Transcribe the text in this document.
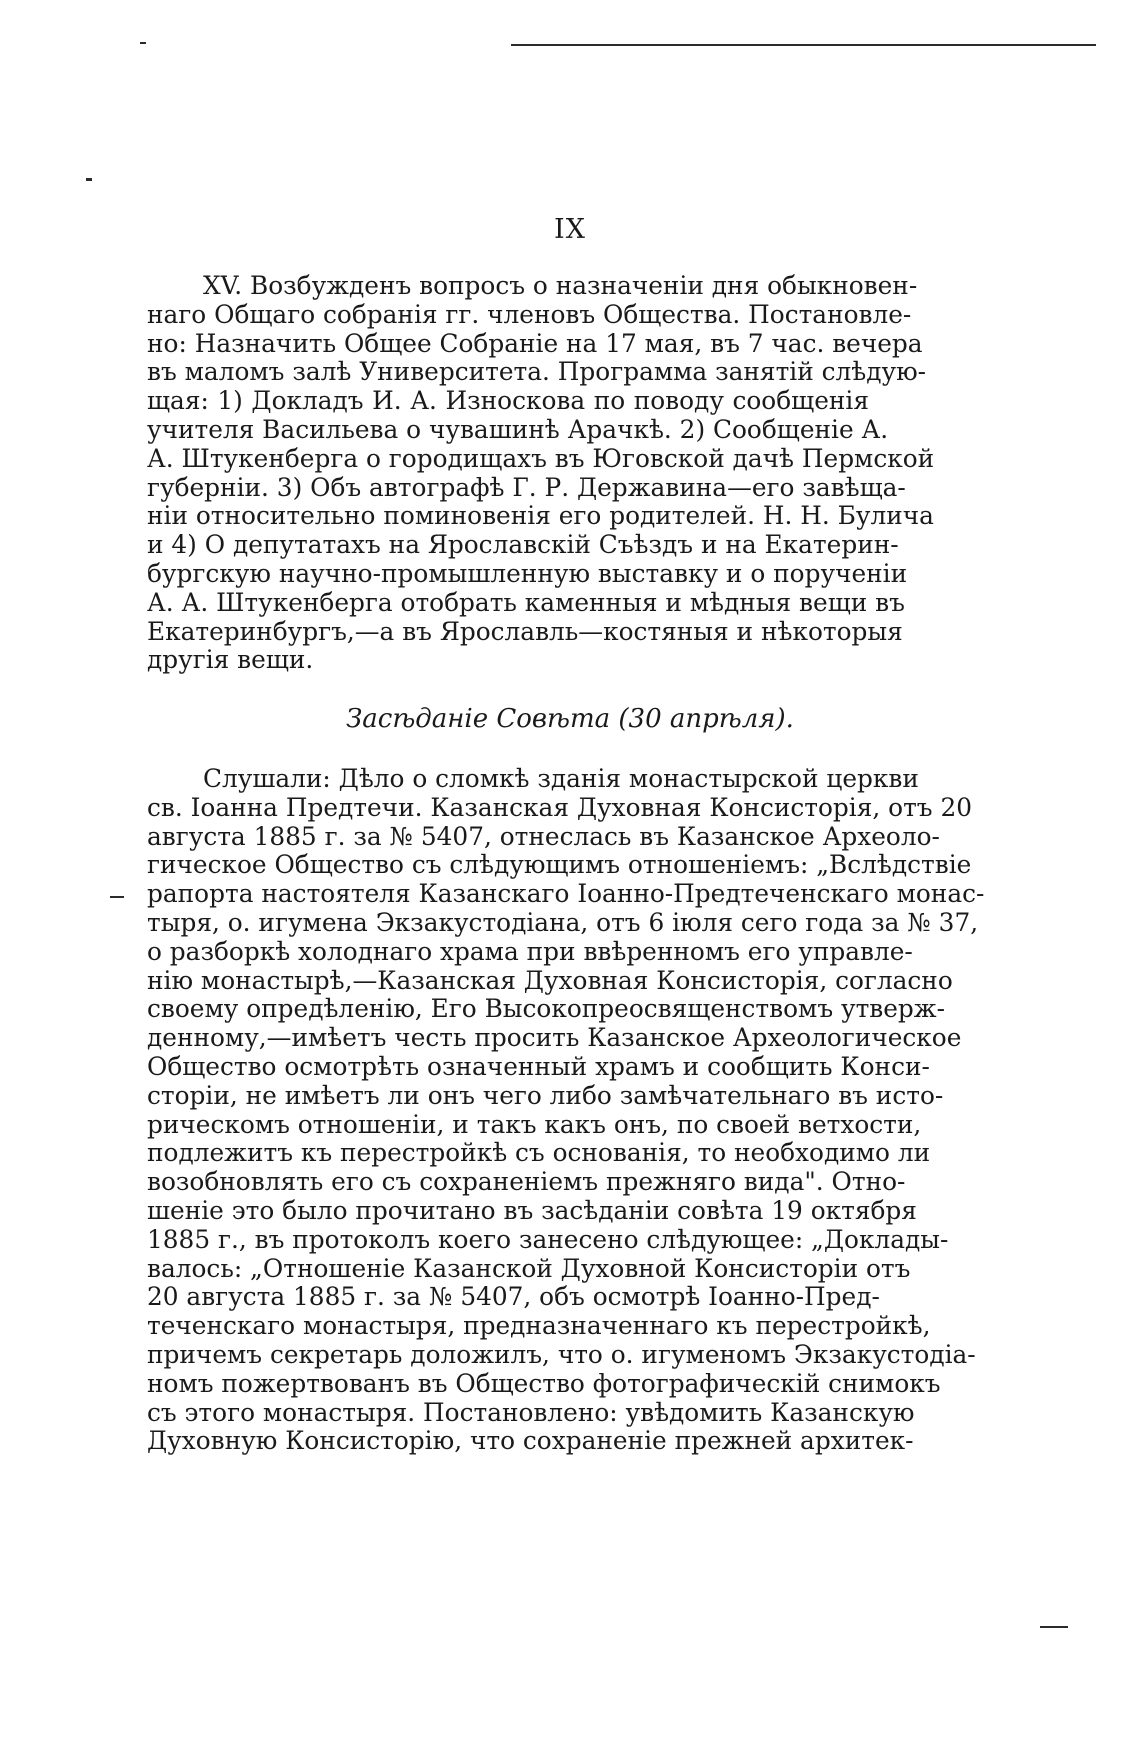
IX
XV. Возбужденъ вопросъ о назначеніи дня обыкновен-
наго Общаго собранія гг. членовъ Общества. Постановле-
но: Назначить Общее Собраніе на 17 мая, въ 7 час. вечера
въ маломъ залѣ Университета. Программа занятій слѣдую-
щая: 1) Докладъ И. А. Износкова по поводу сообщенія
учителя Васильева о чувашинѣ Арачкѣ. 2) Сообщеніе А.
А. Штукенберга о городищахъ въ Юговской дачѣ Пермской
губерніи. 3) Объ автографѣ Г. Р. Державина—его завѣща-
ніи относительно поминовенія его родителей. Н. Н. Булича
и 4) О депутатахъ на Ярославскій Съѣздъ и на Екатерин-
бургскую научно-промышленную выставку и о порученіи
А. А. Штукенберга отобрать каменныя и мѣдныя вещи въ
Екатеринбургъ,—а въ Ярославль—костяныя и нѣкоторыя
другія вещи.
Засѣданіе Совѣта (30 апрѣля).
Слушали: Дѣло о сломкѣ зданія монастырской церкви
св. Іоанна Предтечи. Казанская Духовная Консисторія, отъ 20
августа 1885 г. за № 5407, отнеслась въ Казанское Археоло-
гическое Общество съ слѣдующимъ отношеніемъ: „Вслѣдствіе
рапорта настоятеля Казанскаго Іоанно-Предтеченскаго монас-
тыря, о. игумена Экзакустодіана, отъ 6 іюля сего года за № 37,
о разборкѣ холоднаго храма при ввѣренномъ его управле-
нію монастырѣ,—Казанская Духовная Консисторія, согласно
своему опредѣленію, Его Высокопреосвященствомъ утверж-
денному,—имѣетъ честь просить Казанское Археологическое
Общество осмотрѣть означенный храмъ и сообщить Конси-
сторіи, не имѣетъ ли онъ чего либо замѣчательнаго въ исто-
рическомъ отношеніи, и такъ какъ онъ, по своей ветхости,
подлежитъ къ перестройкѣ съ основанія, то необходимо ли
возобновлять его съ сохраненіемъ прежняго вида". Отно-
шеніе это было прочитано въ засѣданіи совѣта 19 октября
1885 г., въ протоколъ коего занесено слѣдующее: „Доклады-
валось: „Отношеніе Казанской Духовной Консисторіи отъ
20 августа 1885 г. за № 5407, объ осмотрѣ Іоанно-Пред-
теченскаго монастыря, предназначеннаго къ перестройкѣ,
причемъ секретарь доложилъ, что о. игуменомъ Экзакустодіа-
номъ пожертвованъ въ Общество фотографическій снимокъ
съ этого монастыря. Постановлено: увѣдомить Казанскую
Духовную Консисторію, что сохраненіе прежней архитек-
